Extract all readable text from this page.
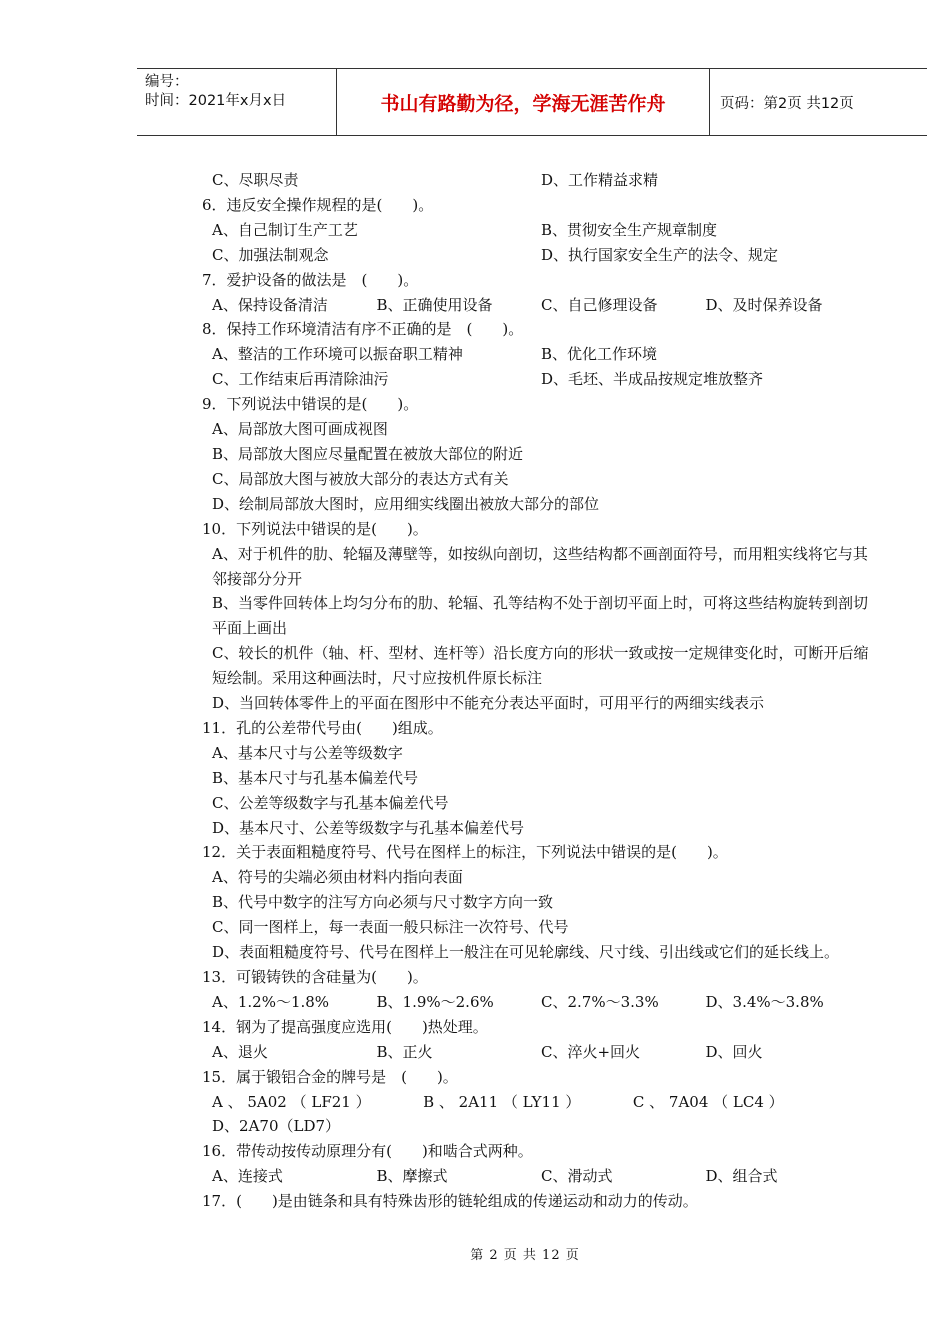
编号：
时间：2021年x月x日	书山有路勤为径，学海无涯苦作舟	页码：第2页 共12页
C、尽职尽责	D、工作精益求精
6．违反安全操作规程的是(　　)。
A、自己制订生产工艺	B、贯彻安全生产规章制度
C、加强法制观念	D、执行国家安全生产的法令、规定
7．爱护设备的做法是　(　　)。
A、保持设备清洁	B、正确使用设备	C、自己修理设备	D、及时保养设备
8．保持工作环境清洁有序不正确的是　(　　)。
A、整洁的工作环境可以振奋职工精神	B、优化工作环境
C、工作结束后再清除油污	D、毛坯、半成品按规定堆放整齐
9．下列说法中错误的是(　　)。
A、局部放大图可画成视图
B、局部放大图应尽量配置在被放大部位的附近
C、局部放大图与被放大部分的表达方式有关
D、绘制局部放大图时，应用细实线圈出被放大部分的部位
10．下列说法中错误的是(　　)。
A、对于机件的肋、轮辐及薄壁等，如按纵向剖切，这些结构都不画剖面符号，而用粗实线将它与其邻接部分分开
B、当零件回转体上均匀分布的肋、轮辐、孔等结构不处于剖切平面上时，可将这些结构旋转到剖切平面上画出
C、较长的机件（轴、杆、型材、连杆等）沿长度方向的形状一致或按一定规律变化时，可断开后缩短绘制。采用这种画法时，尺寸应按机件原长标注
D、当回转体零件上的平面在图形中不能充分表达平面时，可用平行的两细实线表示
11．孔的公差带代号由(　　)组成。
A、基本尺寸与公差等级数字
B、基本尺寸与孔基本偏差代号
C、公差等级数字与孔基本偏差代号
D、基本尺寸、公差等级数字与孔基本偏差代号
12．关于表面粗糙度符号、代号在图样上的标注，下列说法中错误的是(　　)。
A、符号的尖端必须由材料内指向表面
B、代号中数字的注写方向必须与尺寸数字方向一致
C、同一图样上，每一表面一般只标注一次符号、代号
D、表面粗糙度符号、代号在图样上一般注在可见轮廓线、尺寸线、引出线或它们的延长线上。
13．可锻铸铁的含硅量为(　　)。
A、1.2%～1.8%	B、1.9%～2.6%	C、2.7%～3.3%	D、3.4%～3.8%
14．钢为了提高强度应选用(　　)热处理。
A、退火	B、正火	C、淬火+回火	D、回火
15．属于锻铝合金的牌号是　(　　)。
A 、 5A02 （ LF21 ）　　　　B 、 2A11 （ LY11 ）　　　　C 、 7A04 （ LC4 ）
D、2A70（LD7）
16．带传动按传动原理分有(　　)和啮合式两种。
A、连接式	B、摩擦式	C、滑动式	D、组合式
17．(　　)是由链条和具有特殊齿形的链轮组成的传递运动和动力的传动。
第 2 页 共 12 页
